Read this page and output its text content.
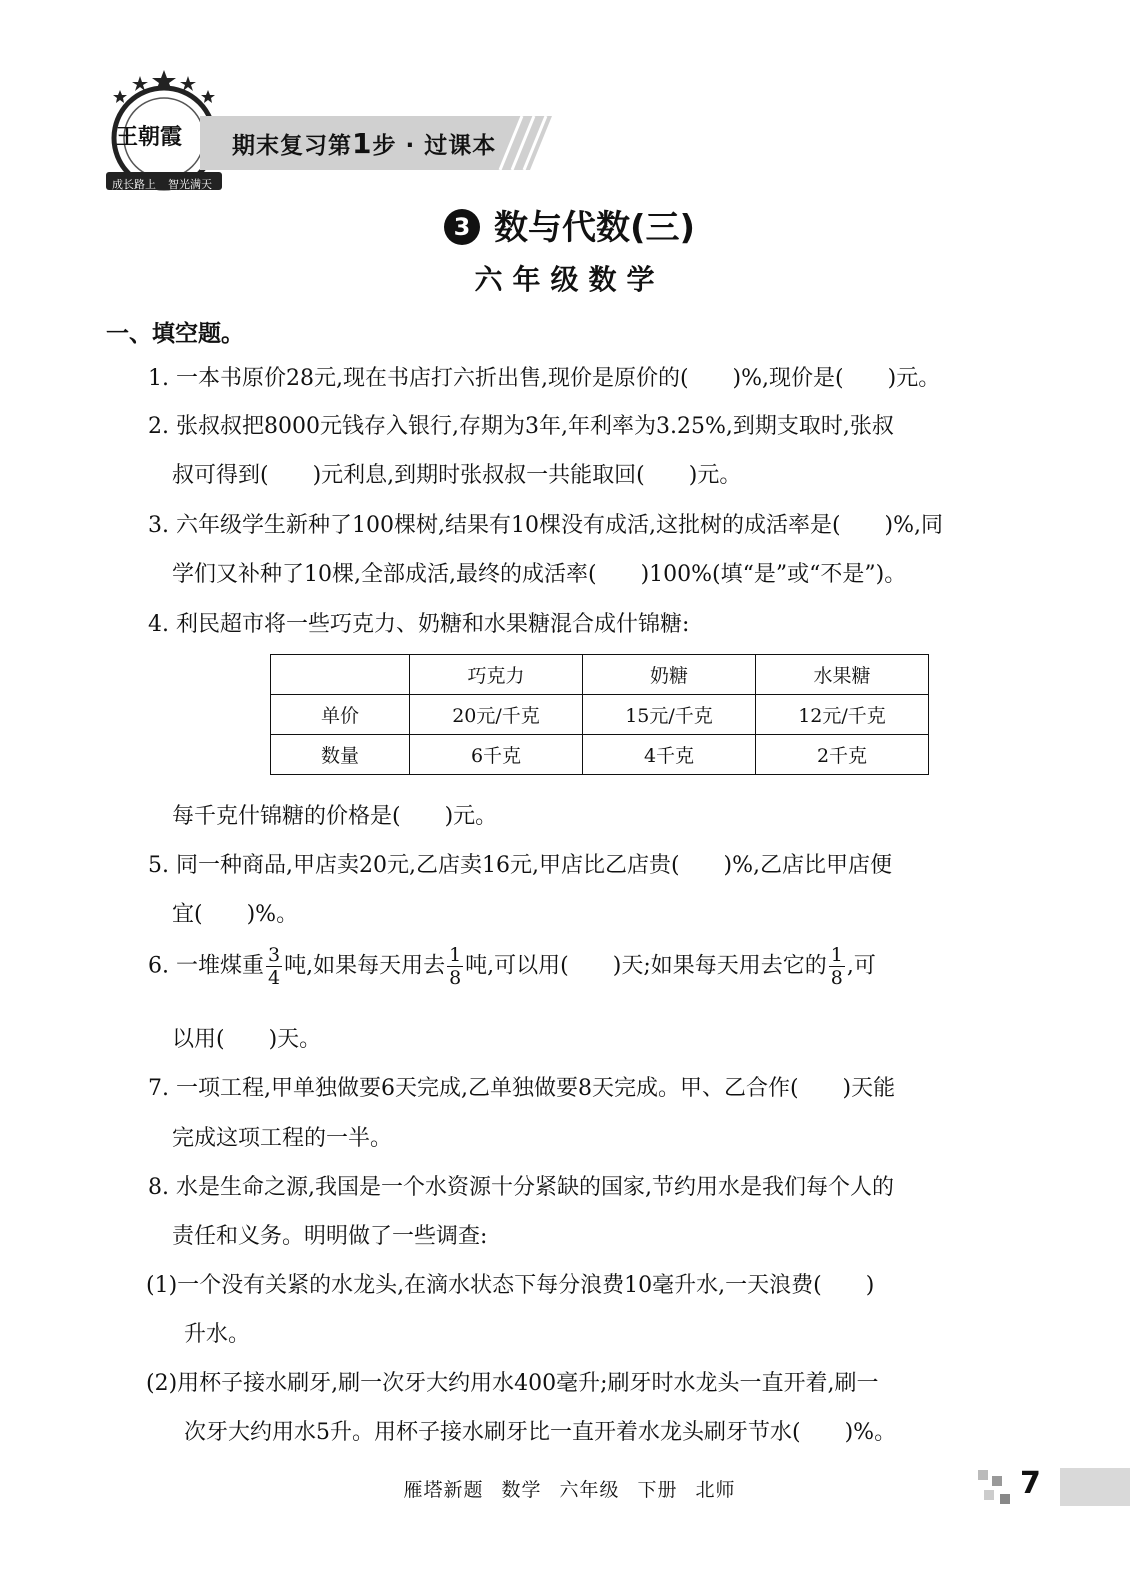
王朝霞
成长路上 智光满天
期末复习第1步 · 过课本
3 数与代数(三)
六年级数学
一、填空题。
1. 一本书原价28元,现在书店打六折出售,现价是原价的(　　)%,现价是(　　)元。
2. 张叔叔把8000元钱存入银行,存期为3年,年利率为3.25%,到期支取时,张叔
叔可得到(　　)元利息,到期时张叔叔一共能取回(　　)元。
3. 六年级学生新种了100棵树,结果有10棵没有成活,这批树的成活率是(　　)%,同
学们又补种了10棵,全部成活,最终的成活率(　　)100%(填“是”或“不是”)。
4. 利民超市将一些巧克力、奶糖和水果糖混合成什锦糖:
	巧克力	奶糖	水果糖
单价	20元/千克	15元/千克	12元/千克
数量	6千克	4千克	2千克
每千克什锦糖的价格是(　　)元。
5. 同一种商品,甲店卖20元,乙店卖16元,甲店比乙店贵(　　)%,乙店比甲店便
宜(　　)%。
6. 一堆煤重 $\frac{3}{4}$ 吨,如果每天用去 $\frac{1}{8}$ 吨,可以用(　　)天;如果每天用去它的 $\frac{1}{8}$ ,可
以用(　　)天。
7. 一项工程,甲单独做要6天完成,乙单独做要8天完成。甲、乙合作(　　)天能
完成这项工程的一半。
8. 水是生命之源,我国是一个水资源十分紧缺的国家,节约用水是我们每个人的
责任和义务。明明做了一些调查:
(1)一个没有关紧的水龙头,在滴水状态下每分浪费10毫升水,一天浪费(　　)
升水。
(2)用杯子接水刷牙,刷一次牙大约用水400毫升;刷牙时水龙头一直开着,刷一
次牙大约用水5升。用杯子接水刷牙比一直开着水龙头刷牙节水(　　)%。
雁塔新题 数学 六年级 下册 北师	7
